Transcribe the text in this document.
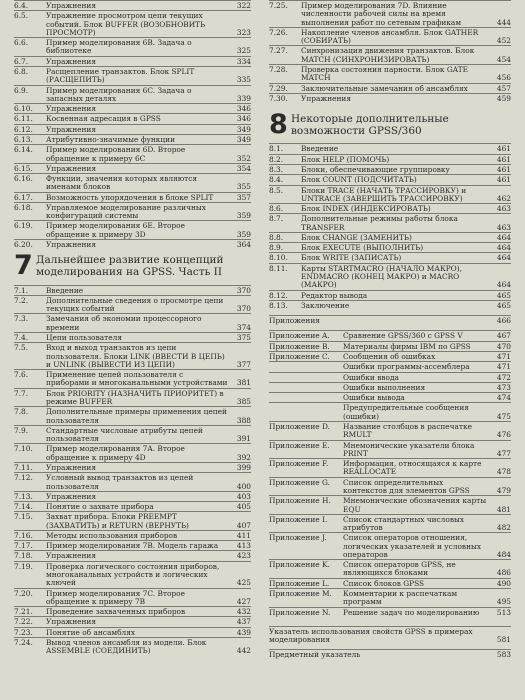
6.4.	Упражнения	322
6.5.	Упражнение просмотром цепи текущих событий. Блок BUFFER (ВОЗОБНОВИТЬ ПРОСМОТР)	323
6.6.	Пример моделирования 6B. Задача о библиотеке	325
6.7.	Упражнения	334
6.8.	Расщепление транзактов. Блок SPLIT (РАСЩЕПИТЬ)	335
6.9.	Пример моделирования 6C. Задача о запасных деталях	339
6.10.	Упражнения	346
6.11.	Косвенная адресация в GPSS	346
6.12.	Упражнения	349
6.13.	Атрибутивно-значимые функции	349
6.14.	Пример моделирования 6D. Второе обращение к примеру 6C	352
6.15.	Упражнения	354
6.16.	Функции, значения которых являются именами блоков	355
6.17.	Возможность упорядочения в блоке SPLIT	357
6.18.	Управляемое моделирование различных конфигураций системы	359
6.19.	Пример моделирования 6E. Второе обращение к примеру 3D	359
6.20.	Упражнения	364
7 Дальнейшее развитие концепций моделирования на GPSS. Часть II
7.1.	Введение	370
7.2.	Дополнительные сведения о просмотре цепи текущих событий	370
7.3.	Замечания об экономии процессорного времени	374
7.4.	Цепи пользователя	375
7.5.	Вход и выход транзактов из цепи пользователя. Блоки LINK (ВВЕСТИ В ЦЕПЬ) и UNLINK (ВЫВЕСТИ ИЗ ЦЕПИ)	377
7.6.	Применение цепей пользователя с приборами и многоканальными устройствами	381
7.7.	Блок PRIORITY (НАЗНАЧИТЬ ПРИОРИТЕТ) в режиме BUFFER	385
7.8.	Дополнительные примеры применения цепей пользователя	388
7.9.	Стандартные числовые атрибуты цепей пользователя	391
7.10.	Пример моделирования 7A. Второе обращение к примеру 4D	392
7.11.	Упражнения	399
7.12.	Условный вывод транзактов из цепей пользователя	400
7.13.	Упражнения	403
7.14.	Понятие о захвате прибора	405
7.15.	Захват прибора. Блоки PREEMPT (ЗАХВАТИТЬ) и RETURN (ВЕРНУТЬ)	407
7.16.	Методы использования приборов	411
7.17.	Пример моделирования 7B. Модель гаража	413
7.18.	Упражнения	423
7.19.	Проверка логического состояния приборов, многоканальных устройств и логических ключей	425
7.20.	Пример моделирования 7C. Второе обращение к примеру 7B	427
7.21.	Проведение захваченных приборов	432
7.22.	Упражнения	437
7.23.	Понятие об ансамблях	439
7.24.	Вывод членов ансамбля из модели. Блок ASSEMBLE (СОЕДИНИТЬ)	442
7.25.	Пример моделирования 7D. Влияние численности рабочей силы на время выполнения работ по сетевым графикам	444
7.26.	Накопление членов ансамбля. Блок GATHER (СОБИРАТЬ)	452
7.27.	Синхронизация движения транзактов. Блок MATCH (СИНХРОНИЗИРОВАТЬ)	454
7.28.	Проверка состояния парности. Блок GATE MATCH	456
7.29.	Заключительные замечания об ансамблях	457
7.30.	Упражнения	459
8 Некоторые дополнительные возможности GPSS/360
8.1.	Введение	461
8.2.	Блок HELP (ПОМОЧЬ)	461
8.3.	Блоки, обеспечивающие группировку	461
8.4.	Блок COUNT (ПОДСЧИТАТЬ)	461
8.5.	Блоки TRACE (НАЧАТЬ ТРАССИРОВКУ) и UNTRACE (ЗАВЕРШИТЬ ТРАССИРОВКУ)	462
8.6.	Блок INDEX (ИНДЕКСИРОВАТЬ)	463
8.7.	Дополнительные режимы работы блока TRANSFER	463
8.8.	Блок CHANGE (ЗАМЕНИТЬ)	464
8.9.	Блок EXECUTE (ВЫПОЛНИТЬ)	464
8.10.	Блок WRITE (ЗАПИСАТЬ)	464
8.11.	Карты STARTMACRO (НАЧАЛО МАКРО), ENDMACRO (КОНЕЦ МАКРО) и MACRO (МАКРО)	464
8.12.	Редактор вывода	465
8.13.	Заключение	465
Приложения	466
Приложение A.	Сравнение GPSS/360 с GPSS V	467
Приложение B.	Материалы фирмы IBM по GPSS	470
Приложение C.	Сообщения об ошибках	471
Ошибки программы-ассемблера	471
Ошибки ввода	472
Ошибки выполнения	473
Ошибки вывода	474
Предупредительные сообщения (ошибки)	475
Приложение D.	Название столбцов в распечатке RMULT	476
Приложение E.	Мнемонические указатели блока PRINT	477
Приложение F.	Информация, относящаяся к карте REALLOCATE	478
Приложение G.	Список определительных контекстов для элементов GPSS	479
Приложение H.	Мнемонические обозначения карты EQU	481
Приложение I.	Список стандартных числовых атрибутов	482
Приложение J.	Список операторов отношения, логических указателей и условных операторов	484
Приложение K.	Список операторов GPSS, не являющихся блоками	486
Приложение L.	Список блоков GPSS	490
Приложение M.	Комментарии к распечаткам программ	495
Приложение N.	Решение задач по моделированию	513
Указатель использования свойств GPSS в примерах моделирования	581
Предметный указатель	583
